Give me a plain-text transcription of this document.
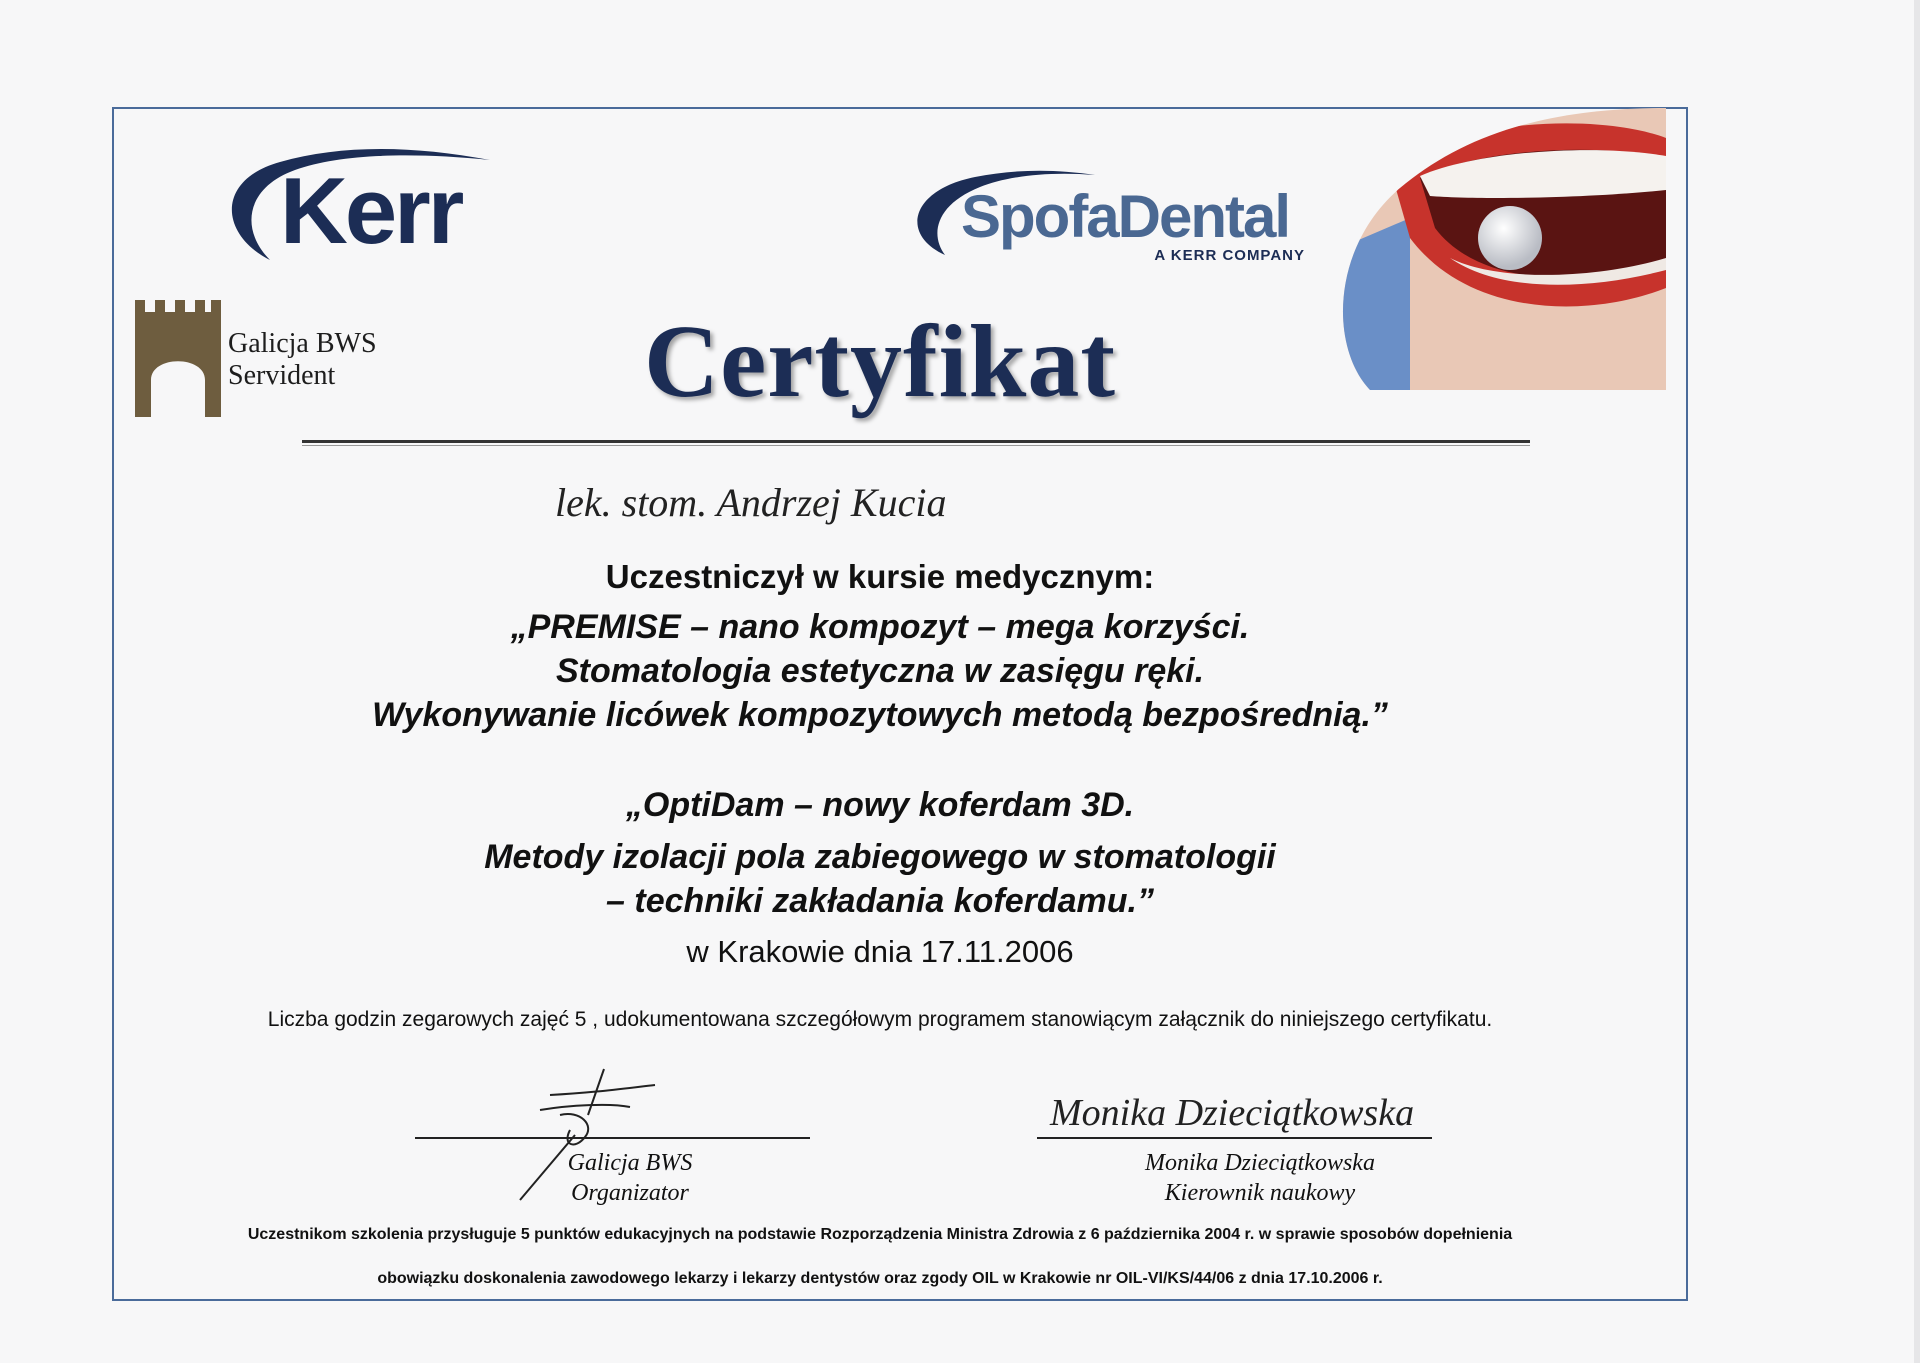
Kerr	SpofaDental
A KERR COMPANY
Galicja BWS
Servident	Certyfikat
lek. stom. Andrzej Kucia
Uczestniczył w kursie medycznym:
„PREMISE – nano kompozyt – mega korzyści.
Stomatologia estetyczna w zasięgu ręki.
Wykonywanie licówek kompozytowych metodą bezpośrednią.”
„OptiDam – nowy koferdam 3D.
Metody izolacji pola zabiegowego w stomatologii
– techniki zakładania koferdamu.”
w Krakowie dnia 17.11.2006
Liczba godzin zegarowych zajęć 5 , udokumentowana szczegółowym programem stanowiącym załącznik do niniejszego certyfikatu.
Galicja BWS
Organizator
Monika Dzieciątkowska
Monika Dzieciątkowska
Kierownik naukowy
Uczestnikom szkolenia przysługuje 5 punktów edukacyjnych na podstawie Rozporządzenia Ministra Zdrowia z 6 października 2004 r. w sprawie sposobów dopełnienia
obowiązku doskonalenia zawodowego lekarzy i lekarzy dentystów oraz zgody OIL w Krakowie nr OIL-VI/KS/44/06 z dnia 17.10.2006 r.
